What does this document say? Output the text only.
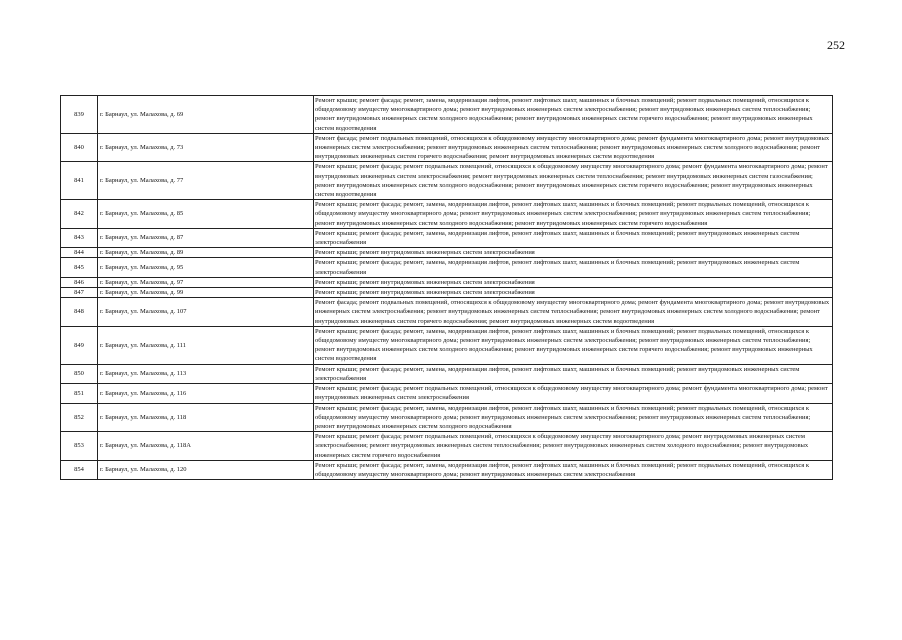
252
839	г. Барнаул, ул. Малахова, д. 69	Ремонт крыши; ремонт фасада; ремонт, замена, модернизация лифтов, ремонт лифтовых шахт, машинных и блочных помещений; ремонт подвальных помещений, относящихся к общедомовому имуществу многоквартирного дома; ремонт внутридомовых инженерных систем электроснабжения; ремонт внутридомовых инженерных систем теплоснабжения; ремонт внутридомовых инженерных систем холодного водоснабжения; ремонт внутридомовых инженерных систем горячего водоснабжения; ремонт внутридомовых инженерных систем водоотведения
840	г. Барнаул, ул. Малахова, д. 73	Ремонт фасада; ремонт подвальных помещений, относящихся к общедомовому имуществу многоквартирного дома; ремонт фундамента многоквартирного дома; ремонт внутридомовых инженерных систем электроснабжения; ремонт внутридомовых инженерных систем теплоснабжения; ремонт внутридомовых инженерных систем холодного водоснабжения; ремонт внутридомовых инженерных систем горячего водоснабжения; ремонт внутридомовых инженерных систем водоотведения
841	г. Барнаул, ул. Малахова, д. 77	Ремонт крыши; ремонт фасада; ремонт подвальных помещений, относящихся к общедомовому имуществу многоквартирного дома; ремонт фундамента многоквартирного дома; ремонт внутридомовых инженерных систем электроснабжения; ремонт внутридомовых инженерных систем теплоснабжения; ремонт внутридомовых инженерных систем газоснабжения; ремонт внутридомовых инженерных систем холодного водоснабжения; ремонт внутридомовых инженерных систем горячего водоснабжения; ремонт внутридомовых инженерных систем водоотведения
842	г. Барнаул, ул. Малахова, д. 85	Ремонт крыши; ремонт фасада; ремонт, замена, модернизация лифтов, ремонт лифтовых шахт, машинных и блочных помещений; ремонт подвальных помещений, относящихся к общедомовому имуществу многоквартирного дома; ремонт внутридомовых инженерных систем электроснабжения; ремонт внутридомовых инженерных систем теплоснабжения; ремонт внутридомовых инженерных систем холодного водоснабжения; ремонт внутридомовых инженерных систем горячего водоснабжения
843	г. Барнаул, ул. Малахова, д. 87	Ремонт крыши; ремонт фасада; ремонт, замена, модернизация лифтов, ремонт лифтовых шахт, машинных и блочных помещений; ремонт внутридомовых инженерных систем электроснабжения
844	г. Барнаул, ул. Малахова, д. 89	Ремонт крыши; ремонт внутридомовых инженерных систем электроснабжения
845	г. Барнаул, ул. Малахова, д. 95	Ремонт крыши; ремонт фасада; ремонт, замена, модернизация лифтов, ремонт лифтовых шахт, машинных и блочных помещений; ремонт внутридомовых инженерных систем электроснабжения
846	г. Барнаул, ул. Малахова, д. 97	Ремонт крыши; ремонт внутридомовых инженерных систем электроснабжения
847	г. Барнаул, ул. Малахова, д. 99	Ремонт крыши; ремонт внутридомовых инженерных систем электроснабжения
848	г. Барнаул, ул. Малахова, д. 107	Ремонт фасада; ремонт подвальных помещений, относящихся к общедомовому имуществу многоквартирного дома; ремонт фундамента многоквартирного дома; ремонт внутридомовых инженерных систем электроснабжения; ремонт внутридомовых инженерных систем теплоснабжения; ремонт внутридомовых инженерных систем холодного водоснабжения; ремонт внутридомовых инженерных систем горячего водоснабжения; ремонт внутридомовых инженерных систем водоотведения
849	г. Барнаул, ул. Малахова, д. 111	Ремонт крыши; ремонт фасада; ремонт, замена, модернизация лифтов, ремонт лифтовых шахт, машинных и блочных помещений; ремонт подвальных помещений, относящихся к общедомовому имуществу многоквартирного дома; ремонт внутридомовых инженерных систем электроснабжения; ремонт внутридомовых инженерных систем теплоснабжения; ремонт внутридомовых инженерных систем холодного водоснабжения; ремонт внутридомовых инженерных систем горячего водоснабжения; ремонт внутридомовых инженерных систем водоотведения
850	г. Барнаул, ул. Малахова, д. 113	Ремонт крыши; ремонт фасада; ремонт, замена, модернизация лифтов, ремонт лифтовых шахт, машинных и блочных помещений; ремонт внутридомовых инженерных систем электроснабжения
851	г. Барнаул, ул. Малахова, д. 116	Ремонт крыши; ремонт фасада; ремонт подвальных помещений, относящихся к общедомовому имуществу многоквартирного дома; ремонт фундамента многоквартирного дома; ремонт внутридомовых инженерных систем электроснабжения
852	г. Барнаул, ул. Малахова, д. 118	Ремонт крыши; ремонт фасада; ремонт, замена, модернизация лифтов, ремонт лифтовых шахт, машинных и блочных помещений; ремонт подвальных помещений, относящихся к общедомовому имуществу многоквартирного дома; ремонт внутридомовых инженерных систем электроснабжения; ремонт внутридомовых инженерных систем теплоснабжения; ремонт внутридомовых инженерных систем холодного водоснабжения
853	г. Барнаул, ул. Малахова, д. 118А	Ремонт крыши; ремонт фасада; ремонт подвальных помещений, относящихся к общедомовому имуществу многоквартирного дома; ремонт внутридомовых инженерных систем электроснабжения; ремонт внутридомовых инженерных систем теплоснабжения; ремонт внутридомовых инженерных систем холодного водоснабжения; ремонт внутридомовых инженерных систем горячего водоснабжения
854	г. Барнаул, ул. Малахова, д. 120	Ремонт крыши; ремонт фасада; ремонт, замена, модернизация лифтов, ремонт лифтовых шахт, машинных и блочных помещений; ремонт подвальных помещений, относящихся к общедомовому имуществу многоквартирного дома; ремонт внутридомовых инженерных систем электроснабжения
